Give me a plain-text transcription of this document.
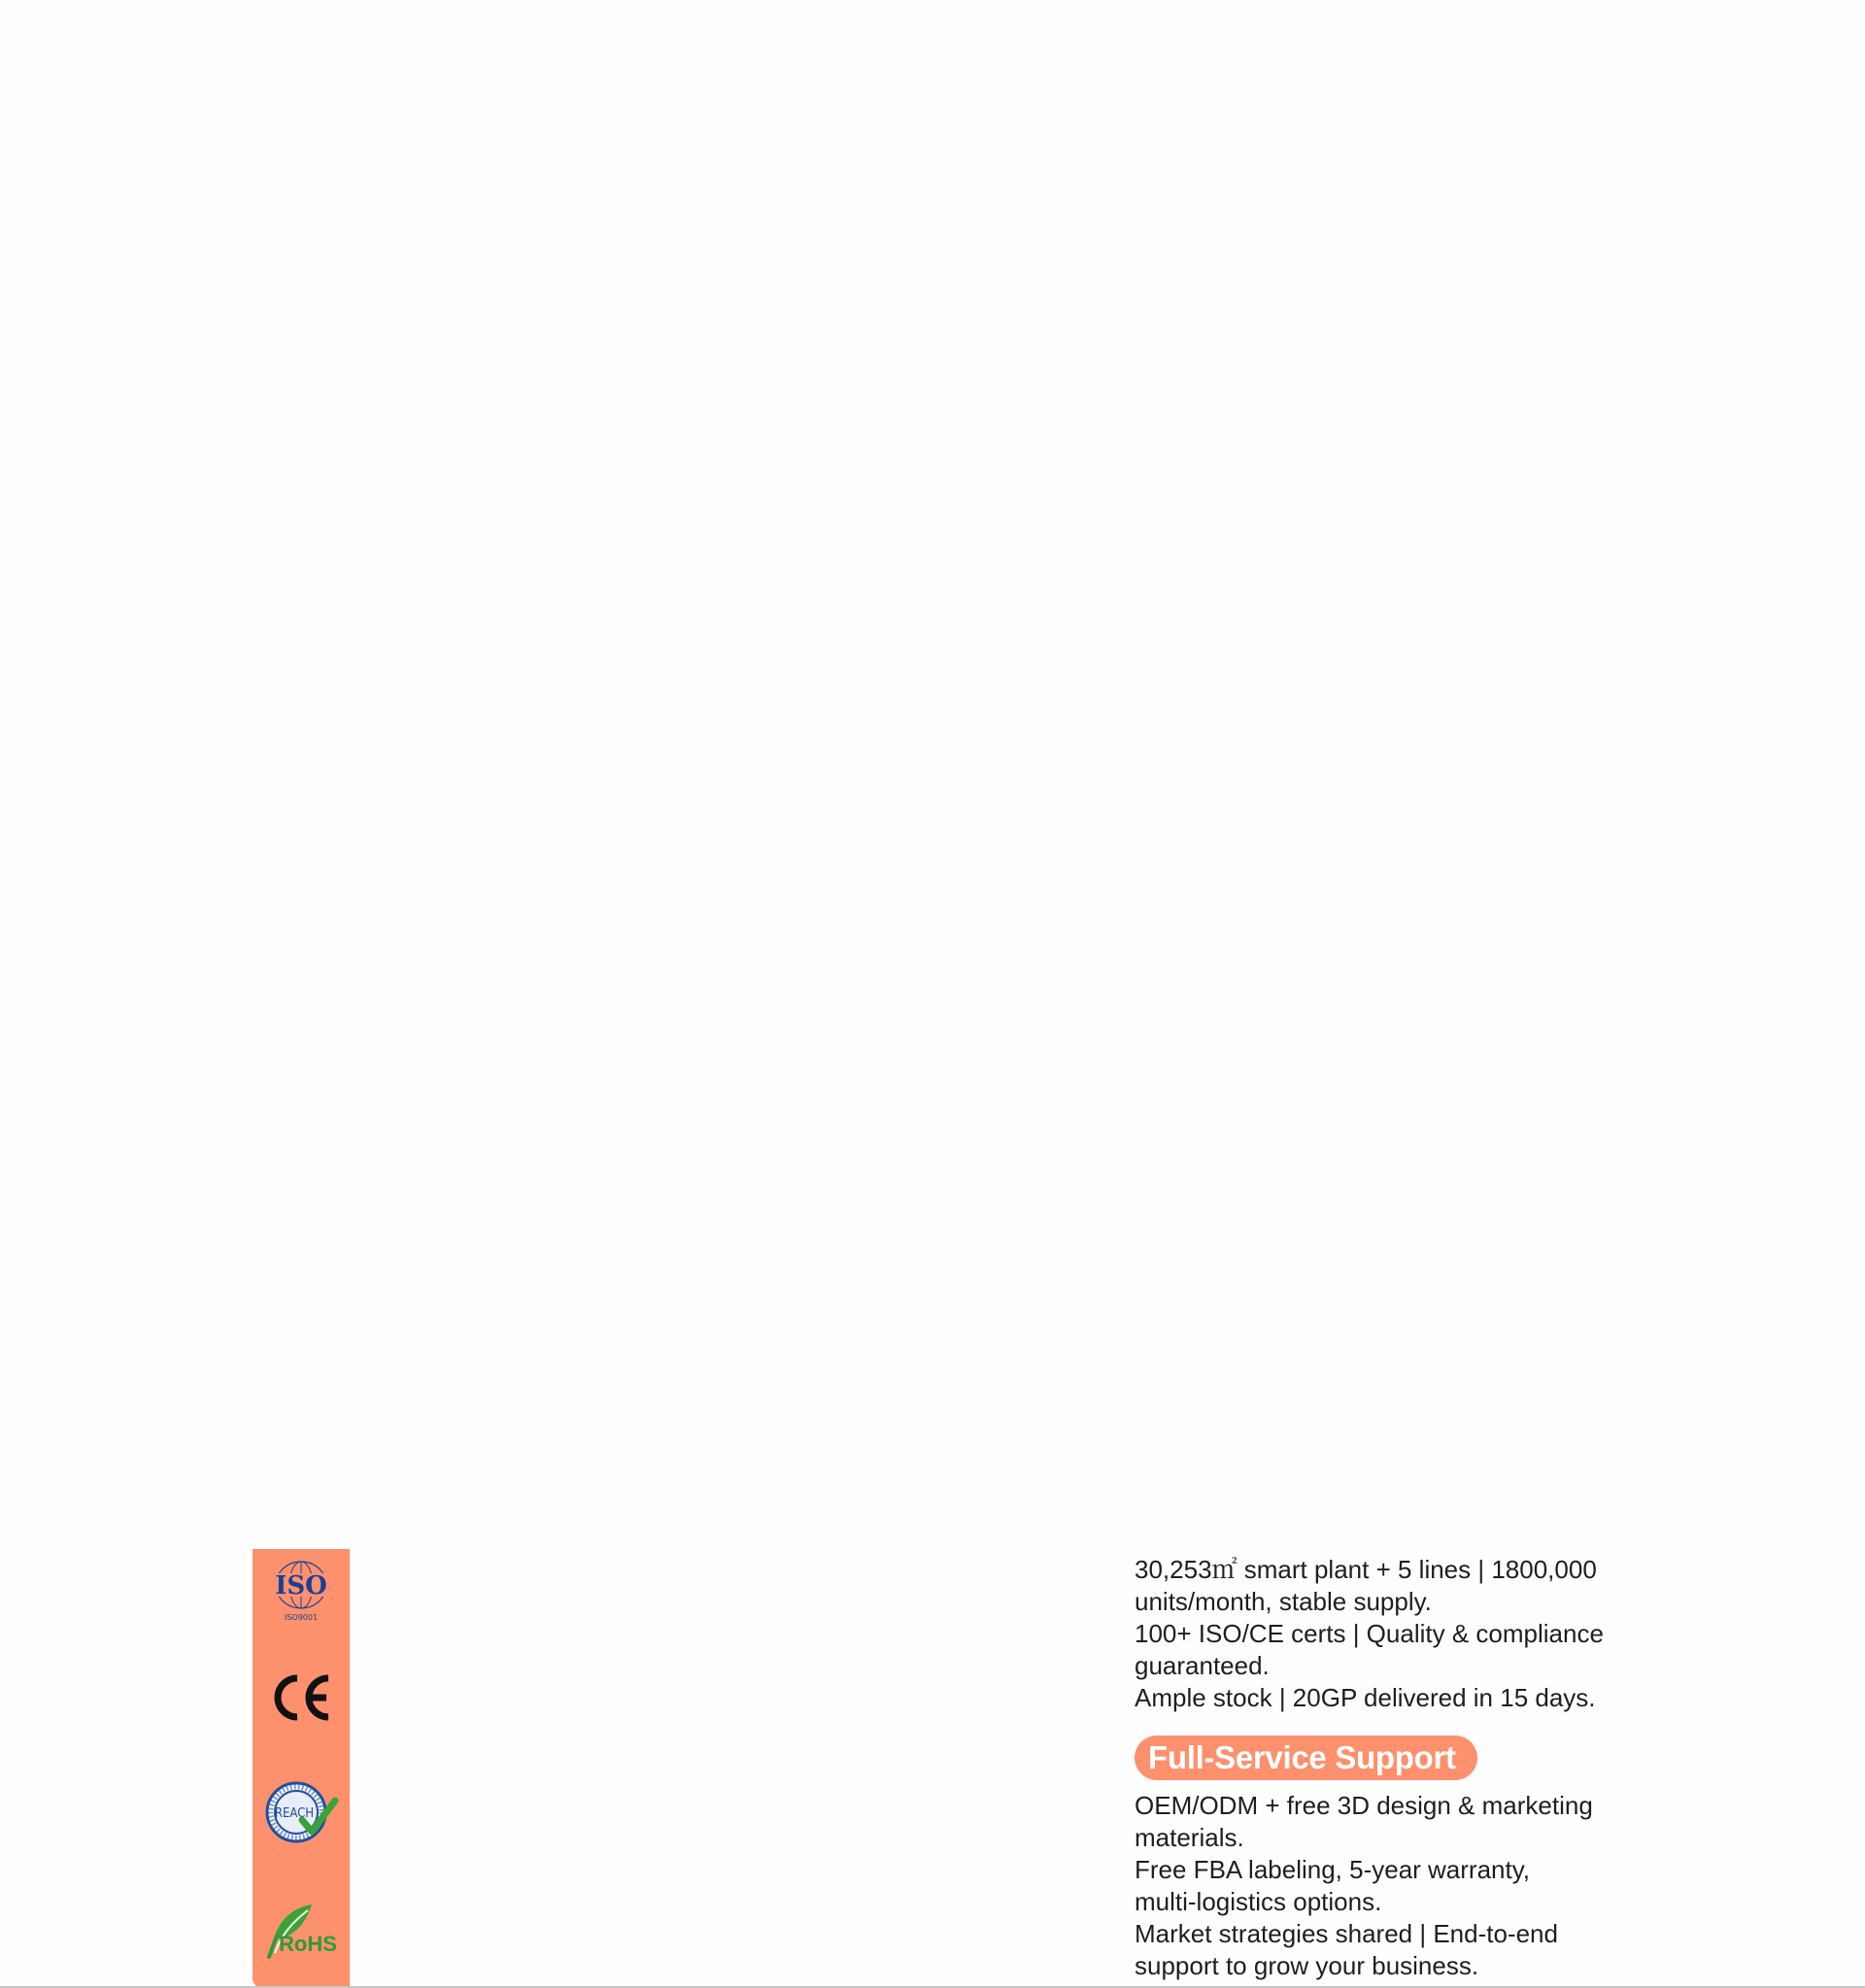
ISO
ISO9001
REACH
RoHS

30,253㎡ smart plant + 5 lines | 1800,000

units/month, stable supply.

100+ ISO/CE certs | Quality & compliance

guaranteed.

Ample stock | 20GP delivered in 15 days.

Full-Service Support

OEM/ODM + free 3D design & marketing

materials.

Free FBA labeling, 5-year warranty,

multi-logistics options.

Market strategies shared | End-to-end

support to grow your business.
